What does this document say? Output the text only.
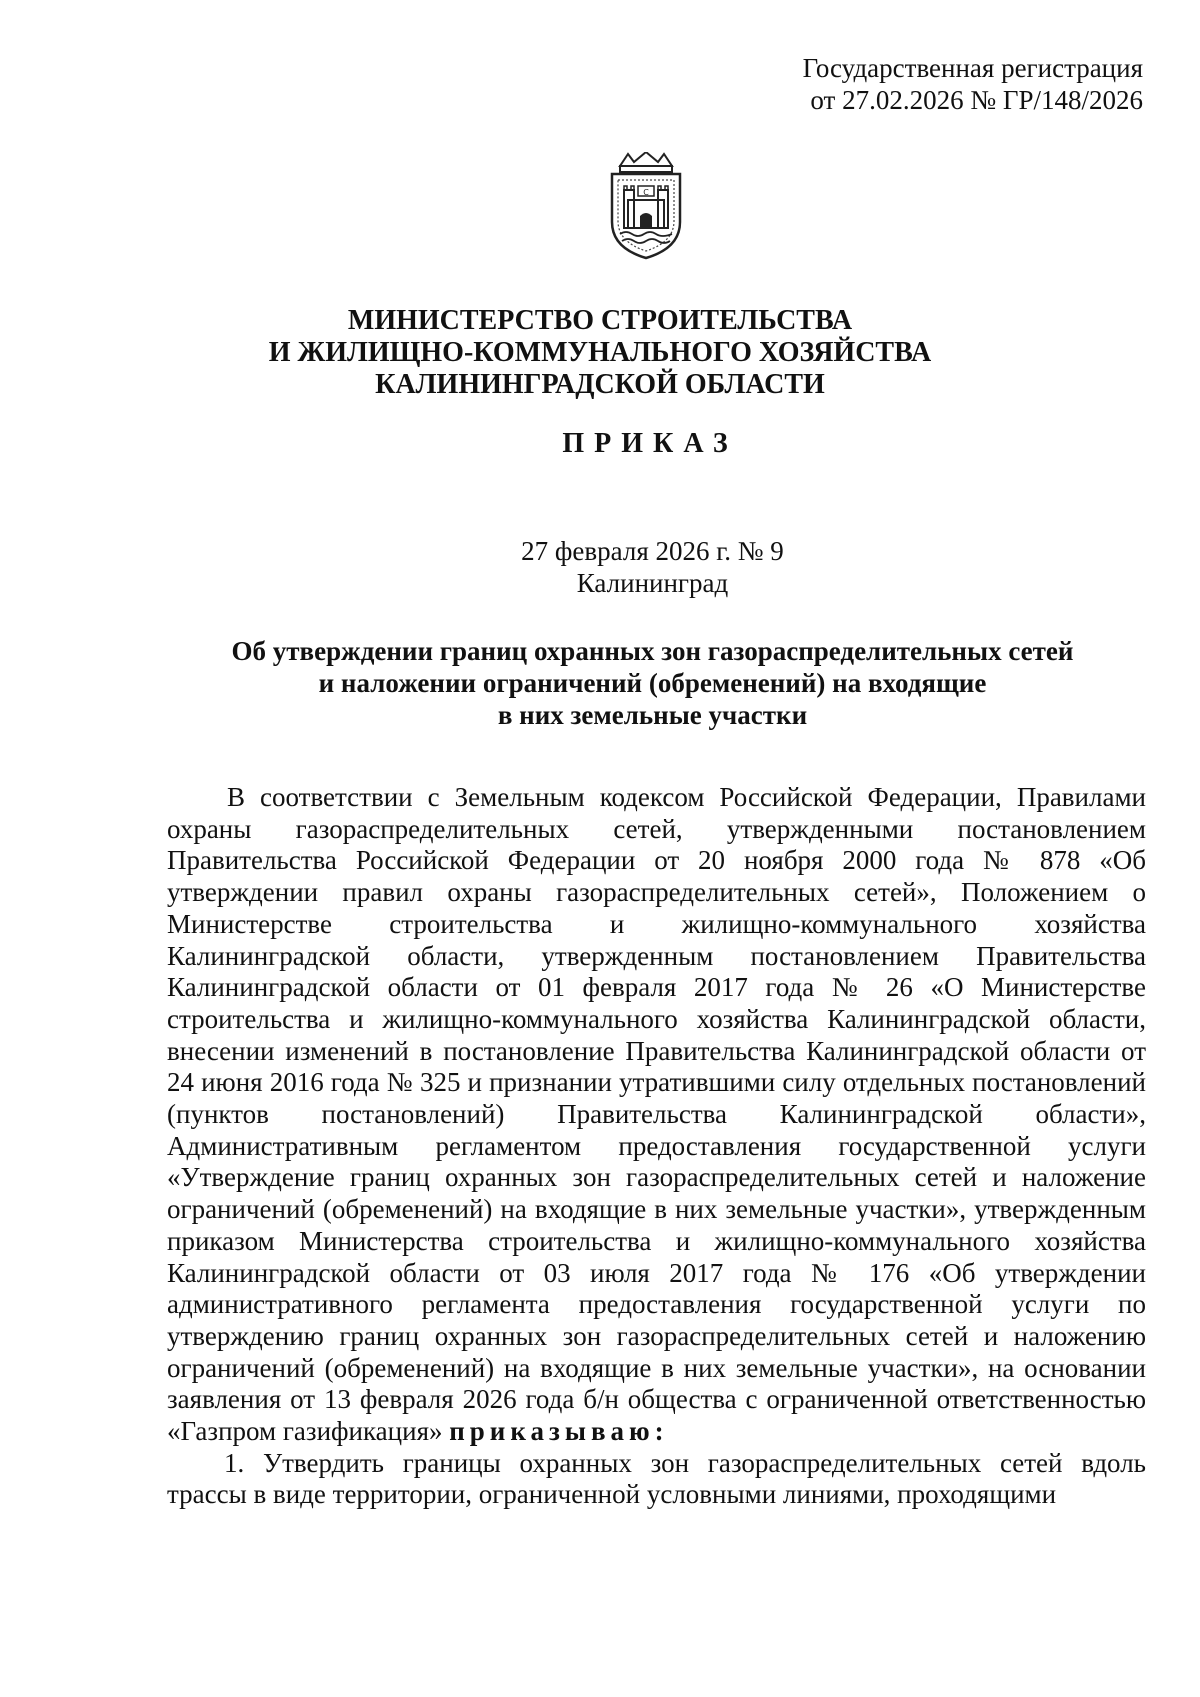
Государственная регистрация
от 27.02.2026 № ГР/148/2026
C
МИНИСТЕРСТВО СТРОИТЕЛЬСТВА
И ЖИЛИЩНО-КОММУНАЛЬНОГО ХОЗЯЙСТВА
КАЛИНИНГРАДСКОЙ ОБЛАСТИ
ПРИКАЗ
27 февраля 2026 г. № 9
Калининград
Об утверждении границ охранных зон газораспределительных сетей
и наложении ограничений (обременений) на входящие
в них земельные участки

В соответствии с Земельным кодексом Российской Федерации, Правилами охраны газораспределительных сетей, утвержденными постановлением Правительства Российской Федерации от 20 ноября 2000 года № 878 «Об утверждении правил охраны газораспределительных сетей», Положением о Министерстве строительства и жилищно-коммунального хозяйства Калининградской области, утвержденным постановлением Правительства Калининградской области от 01 февраля 2017 года № 26 «О Министерстве строительства и жилищно-коммунального хозяйства Калининградской области, внесении изменений в постановление Правительства Калининградской области от 24 июня 2016 года № 325 и признании утратившими силу отдельных постановлений (пунктов постановлений) Правительства Калининградской области», Административным регламентом предоставления государственной услуги «Утверждение границ охранных зон газораспределительных сетей и наложение ограничений (обременений) на входящие в них земельные участки», утвержденным приказом Министерства строительства и жилищно-коммунального хозяйства Калининградской области от 03 июля 2017 года № 176 «Об утверждении административного регламента предоставления государственной услуги по утверждению границ охранных зон газораспределительных сетей и наложению ограничений (обременений) на входящие в них земельные участки», на основании заявления от 13 февраля 2026 года б/н общества с ограниченной ответственностью «Газпром газификация» приказываю:

1. Утвердить границы охранных зон газораспределительных сетей вдоль трассы в виде территории, ограниченной условными линиями, проходящими
